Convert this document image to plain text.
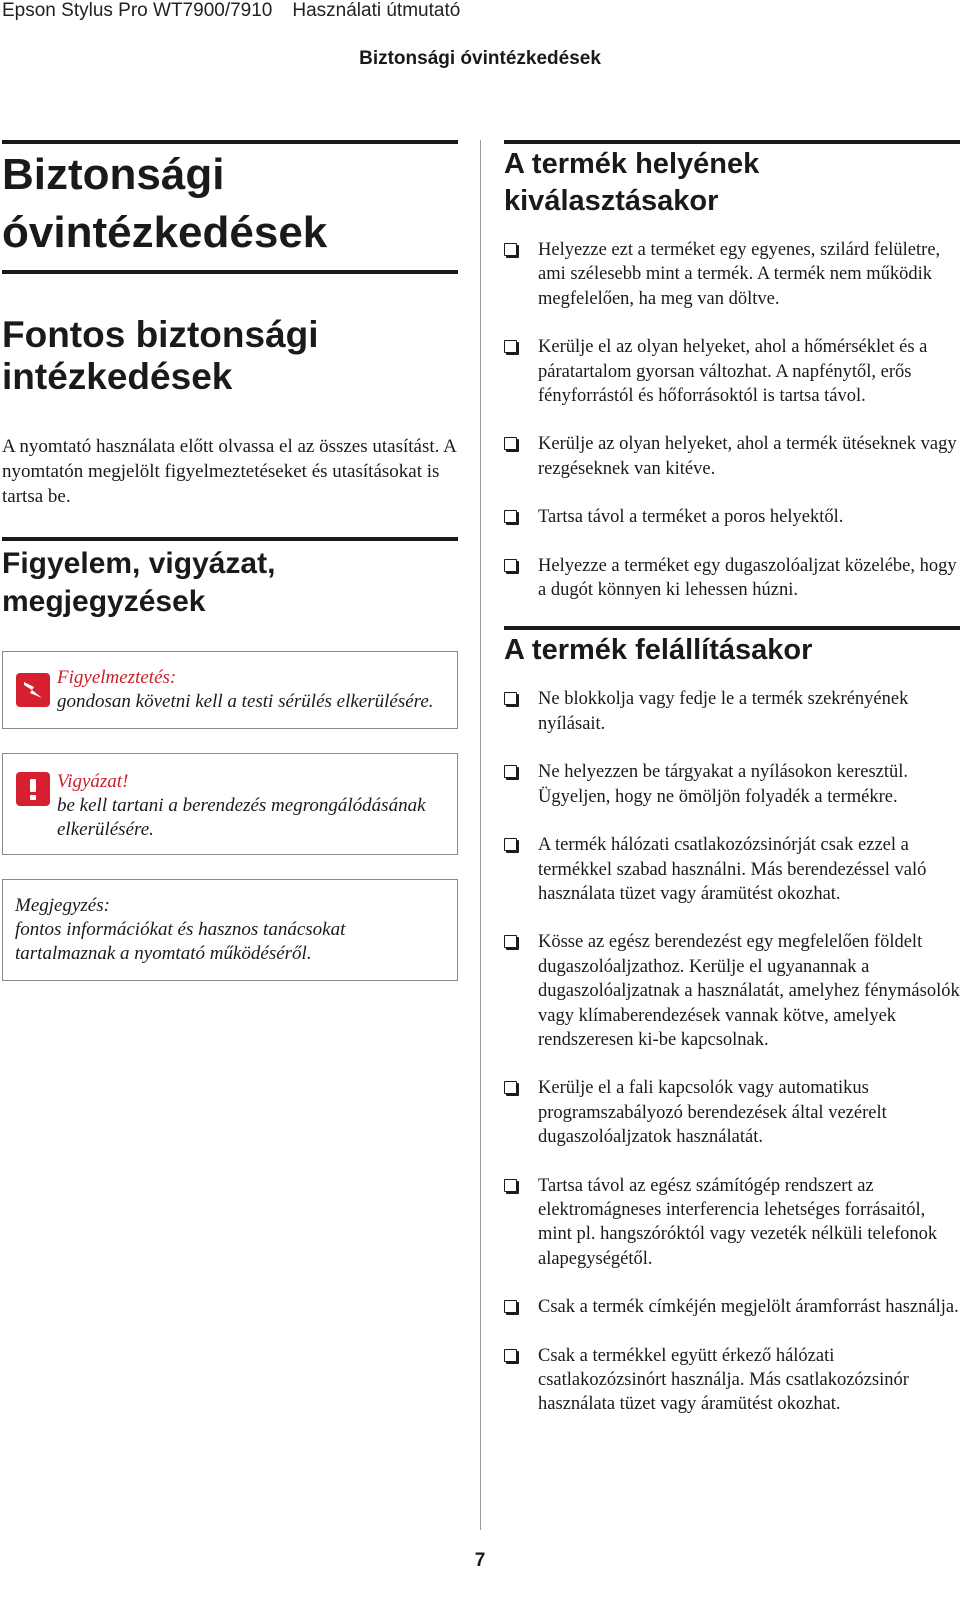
Epson Stylus Pro WT7900/7910 Használati útmutató
Biztonsági óvintézkedések
Biztonsági
óvintézkedések
Fontos biztonsági
intézkedések

A nyomtató használata előtt olvassa el az összes utasítást. A nyomtatón megjelölt figyelmeztetéseket és utasításokat is tartsa be.

Figyelem, vigyázat,
megjegyzések
Figyelmeztetés:
gondosan követni kell a testi sérülés elkerülésére.
Vigyázat!
be kell tartani a berendezés megrongálódásának
elkerülésére.
Megjegyzés:
fontos információkat és hasznos tanácsokat
tartalmaznak a nyomtató működéséről.
A termék helyének
kiválasztásakor
Helyezze ezt a terméket egy egyenes, szilárd felületre, ami szélesebb mint a termék. A termék nem működik megfelelően, ha meg van döltve.
Kerülje el az olyan helyeket, ahol a hőmérséklet és a páratartalom gyorsan változhat. A napfénytől, erős fényforrástól és hőforrásoktól is tartsa távol.
Kerülje az olyan helyeket, ahol a termék ütéseknek vagy rezgéseknek van kitéve.
Tartsa távol a terméket a poros helyektől.
Helyezze a terméket egy dugaszolóaljzat közelébe, hogy a dugót könnyen ki lehessen húzni.
A termék felállításakor
Ne blokkolja vagy fedje le a termék szekrényének nyílásait.
Ne helyezzen be tárgyakat a nyílásokon keresztül. Ügyeljen, hogy ne ömöljön folyadék a termékre.
A termék hálózati csatlakozózsinórját csak ezzel a termékkel szabad használni. Más berendezéssel való használata tüzet vagy áramütést okozhat.
Kösse az egész berendezést egy megfelelően földelt dugaszolóaljzathoz. Kerülje el ugyanannak a dugaszolóaljzatnak a használatát, amelyhez fénymásolók vagy klímaberendezések vannak kötve, amelyek rendszeresen ki-be kapcsolnak.
Kerülje el a fali kapcsolók vagy automatikus programszabályozó berendezések által vezérelt dugaszolóaljzatok használatát.
Tartsa távol az egész számítógép rendszert az elektromágneses interferencia lehetséges forrásaitól, mint pl. hangszóróktól vagy vezeték nélküli telefonok alapegységétől.
Csak a termék címkéjén megjelölt áramforrást használja.
Csak a termékkel együtt érkező hálózati csatlakozózsinórt használja. Más csatlakozózsinór használata tüzet vagy áramütést okozhat.
7
